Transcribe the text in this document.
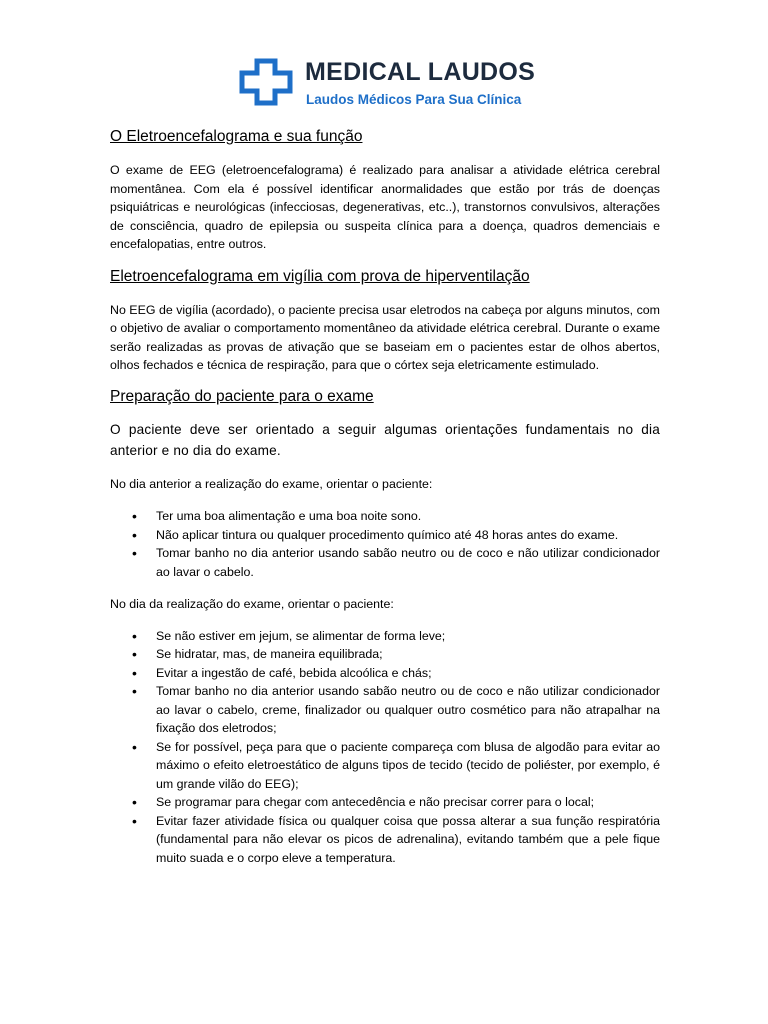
MEDICAL LAUDOS
Laudos Médicos Para Sua Clínica
O Eletroencefalograma e sua função

O exame de EEG (eletroencefalograma) é realizado para analisar a atividade elétrica cerebral momentânea. Com ela é possível identificar anormalidades que estão por trás de doenças psiquiátricas e neurológicas (infecciosas, degenerativas, etc..), transtornos convulsivos, alterações de consciência, quadro de epilepsia ou suspeita clínica para a doença, quadros demenciais e encefalopatias, entre outros.

Eletroencefalograma em vigília com prova de hiperventilação

No EEG de vigília (acordado), o paciente precisa usar eletrodos na cabeça por alguns minutos, com o objetivo de avaliar o comportamento momentâneo da atividade elétrica cerebral. Durante o exame serão realizadas as provas de ativação que se baseiam em o pacientes estar de olhos abertos, olhos fechados e técnica de respiração, para que o córtex seja eletricamente estimulado.

Preparação do paciente para o exame

O paciente deve ser orientado a seguir algumas orientações fundamentais no dia anterior e no dia do exame.

No dia anterior a realização do exame, orientar o paciente:

• Ter uma boa alimentação e uma boa noite sono.
• Não aplicar tintura ou qualquer procedimento químico até 48 horas antes do exame.
• Tomar banho no dia anterior usando sabão neutro ou de coco e não utilizar condicionador ao lavar o cabelo.

No dia da realização do exame, orientar o paciente:

• Se não estiver em jejum, se alimentar de forma leve;
• Se hidratar, mas, de maneira equilibrada;
• Evitar a ingestão de café, bebida alcoólica e chás;
• Tomar banho no dia anterior usando sabão neutro ou de coco e não utilizar condicionador ao lavar o cabelo, creme, finalizador ou qualquer outro cosmético para não atrapalhar na fixação dos eletrodos;
• Se for possível, peça para que o paciente compareça com blusa de algodão para evitar ao máximo o efeito eletroestático de alguns tipos de tecido (tecido de poliéster, por exemplo, é um grande vilão do EEG);
• Se programar para chegar com antecedência e não precisar correr para o local;
• Evitar fazer atividade física ou qualquer coisa que possa alterar a sua função respiratória (fundamental para não elevar os picos de adrenalina), evitando também que a pele fique muito suada e o corpo eleve a temperatura.
